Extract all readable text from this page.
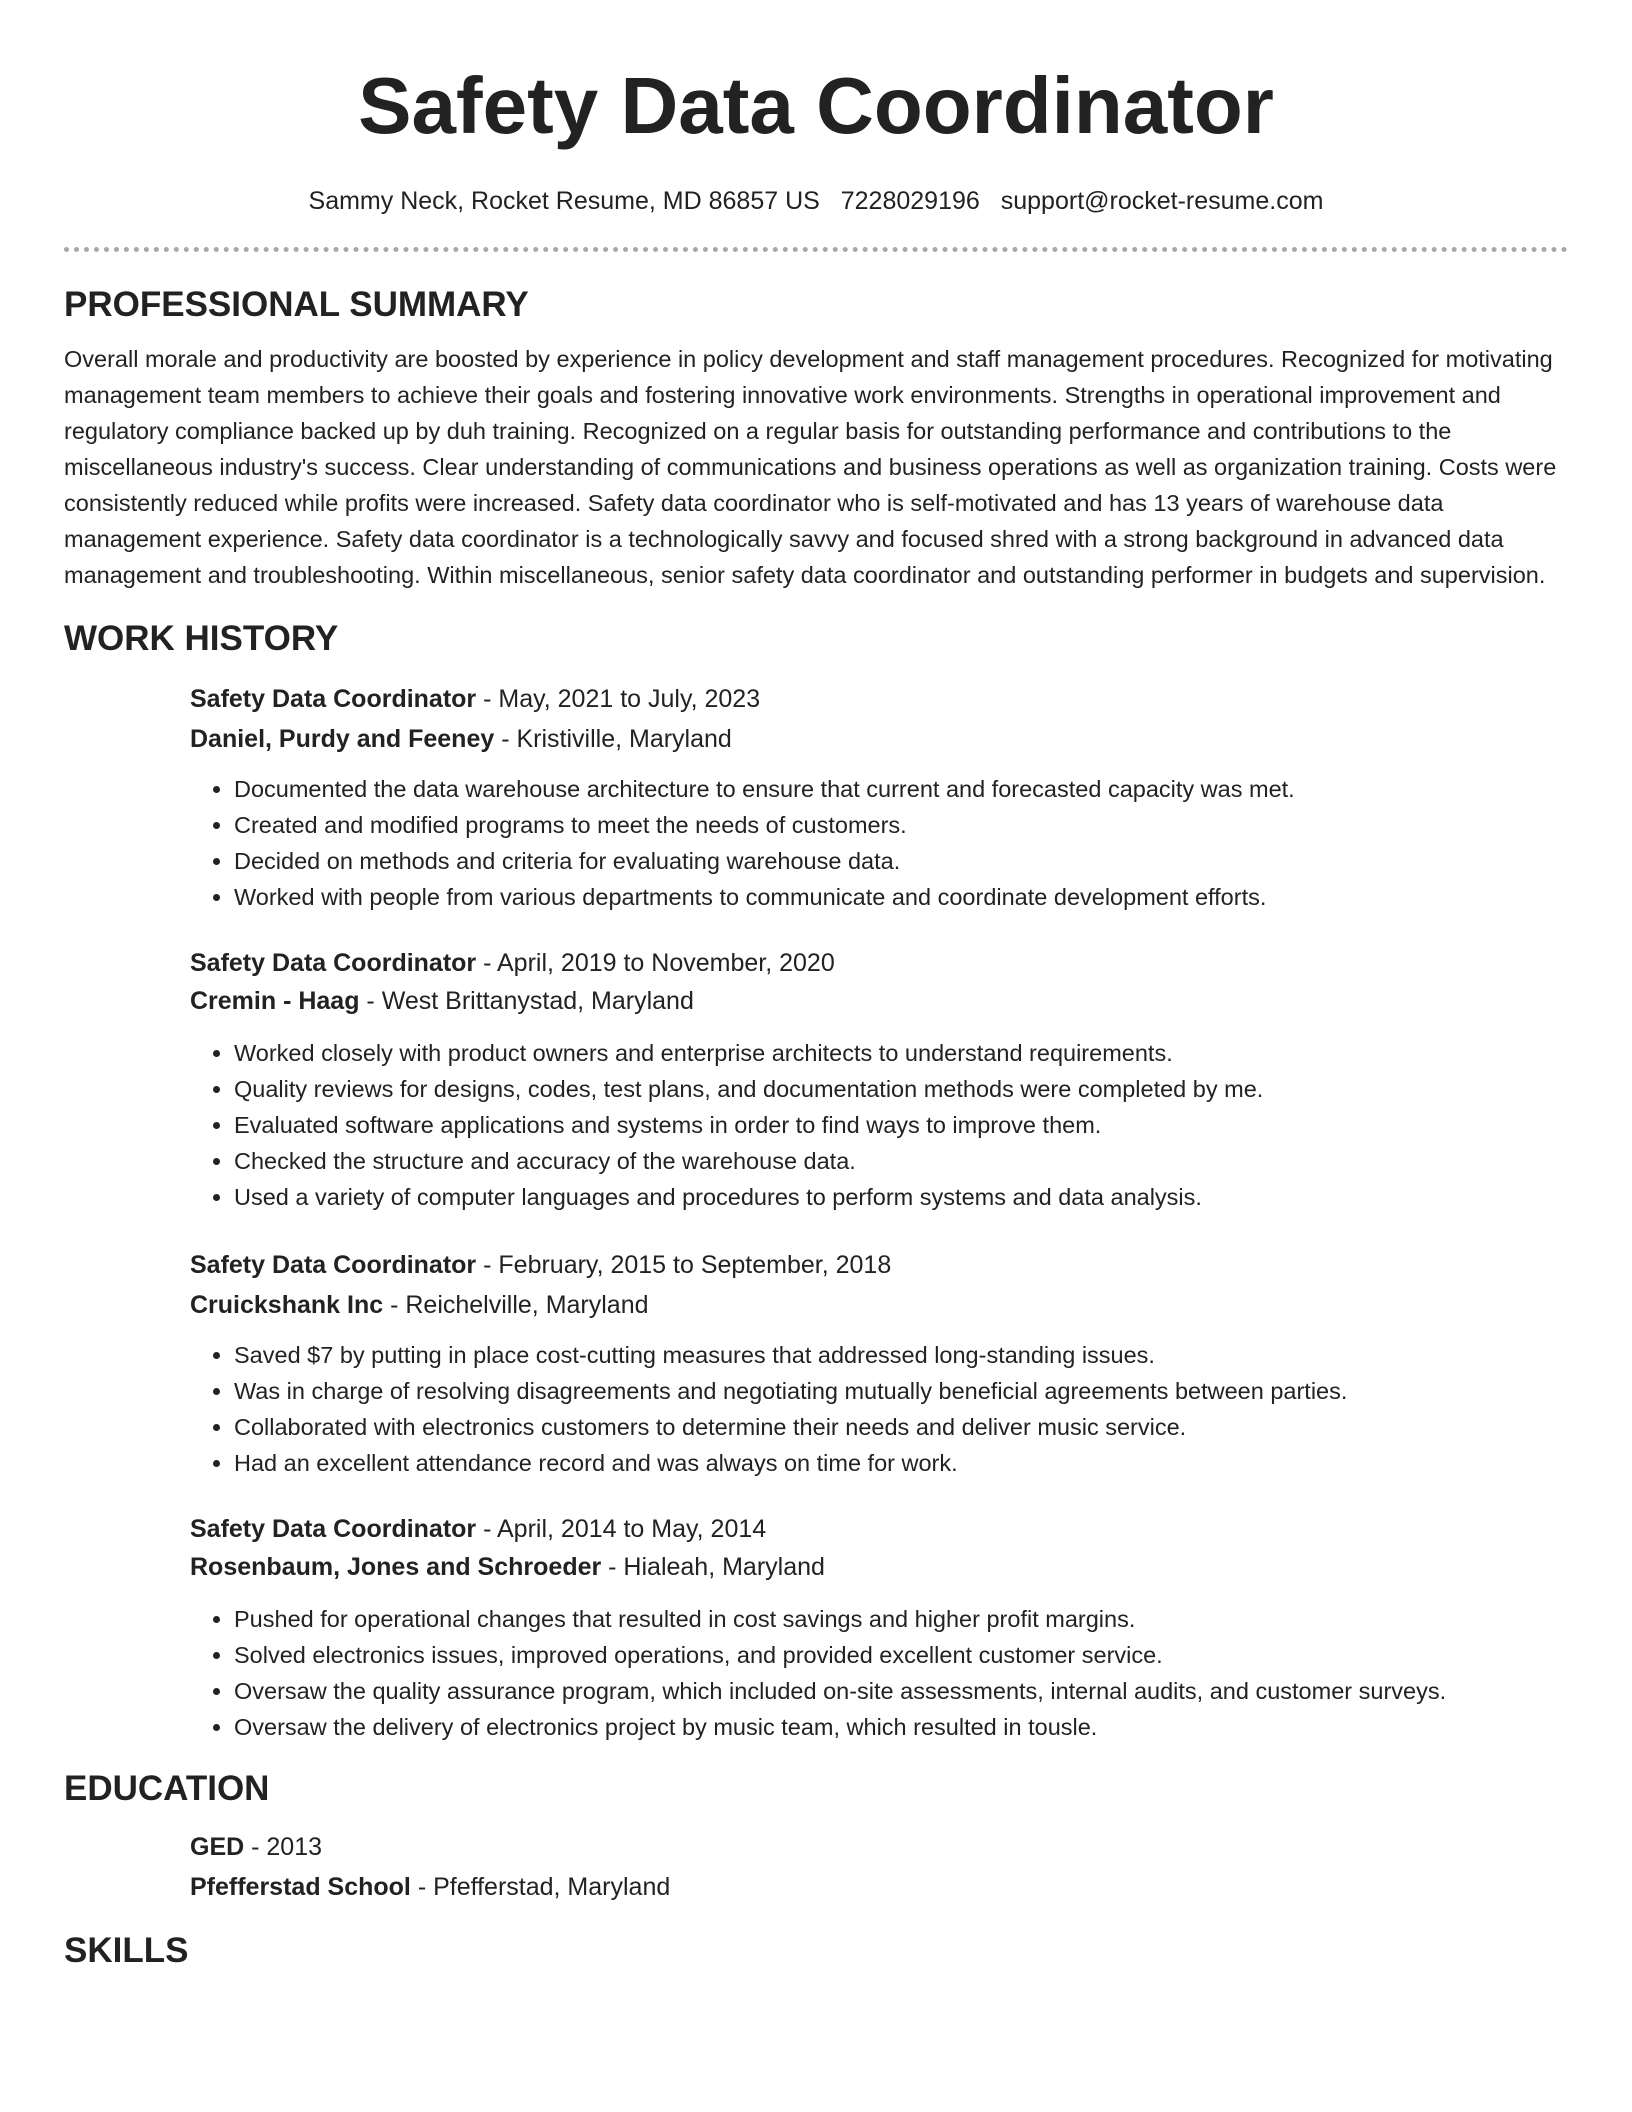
Safety Data Coordinator
Sammy Neck, Rocket Resume, MD 86857 US 7228029196 support@rocket-resume.com
PROFESSIONAL SUMMARY

Overall morale and productivity are boosted by experience in policy development and staff management procedures. Recognized for motivating management team members to achieve their goals and fostering innovative work environments. Strengths in operational improvement and regulatory compliance backed up by duh training. Recognized on a regular basis for outstanding performance and contributions to the miscellaneous industry's success. Clear understanding of communications and business operations as well as organization training. Costs were consistently reduced while profits were increased. Safety data coordinator who is self-motivated and has 13 years of warehouse data management experience. Safety data coordinator is a technologically savvy and focused shred with a strong background in advanced data management and troubleshooting. Within miscellaneous, senior safety data coordinator and outstanding performer in budgets and supervision.

WORK HISTORY

Safety Data Coordinator - May, 2021 to July, 2023

Daniel, Purdy and Feeney - Kristiville, Maryland

• Documented the data warehouse architecture to ensure that current and forecasted capacity was met.
• Created and modified programs to meet the needs of customers.
• Decided on methods and criteria for evaluating warehouse data.
• Worked with people from various departments to communicate and coordinate development efforts.

Safety Data Coordinator - April, 2019 to November, 2020

Cremin - Haag - West Brittanystad, Maryland

• Worked closely with product owners and enterprise architects to understand requirements.
• Quality reviews for designs, codes, test plans, and documentation methods were completed by me.
• Evaluated software applications and systems in order to find ways to improve them.
• Checked the structure and accuracy of the warehouse data.
• Used a variety of computer languages and procedures to perform systems and data analysis.

Safety Data Coordinator - February, 2015 to September, 2018

Cruickshank Inc - Reichelville, Maryland

• Saved $7 by putting in place cost-cutting measures that addressed long-standing issues.
• Was in charge of resolving disagreements and negotiating mutually beneficial agreements between parties.
• Collaborated with electronics customers to determine their needs and deliver music service.
• Had an excellent attendance record and was always on time for work.

Safety Data Coordinator - April, 2014 to May, 2014

Rosenbaum, Jones and Schroeder - Hialeah, Maryland

• Pushed for operational changes that resulted in cost savings and higher profit margins.
• Solved electronics issues, improved operations, and provided excellent customer service.
• Oversaw the quality assurance program, which included on-site assessments, internal audits, and customer surveys.
• Oversaw the delivery of electronics project by music team, which resulted in tousle.
EDUCATION

GED - 2013

Pfefferstad School - Pfefferstad, Maryland

SKILLS
